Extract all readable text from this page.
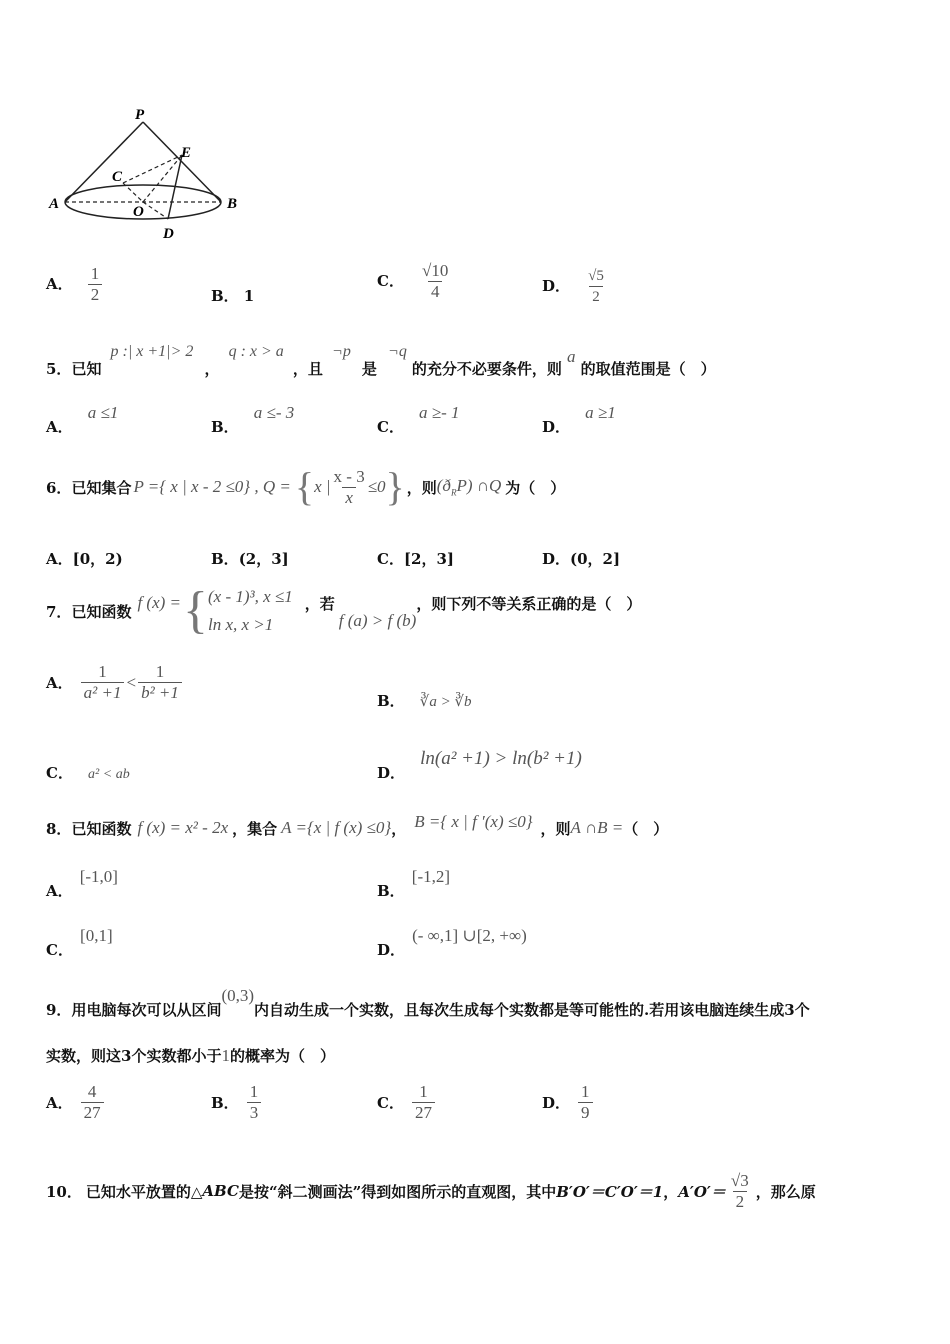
P
E
C
A	O	B
D
A． $\frac{1}{2}$	B． 1
C． $\frac{√10}{4}$	D． $\frac{√5}{2}$
5．已知 p :| x +1|> 2 ， q : x > a ，且 ¬p 是 ¬q 的充分不必要条件，则 a 的取值范围是（　）
A． a ≤1
B． a ≤- 3
C． a ≥- 1
D． a ≥1
6． 已知集合 P ={ x | x - 2 ≤0} , Q = { x | $\frac{x - 3}{x} \le 0$ } ，则 $(ð_RP)$ ∩Q 为（　）
A．[0，2)	B．(2，3]	C．[2，3]	D．(0，2]
7． 已知函数 f (x) = { (x - 1)³, x ≤1
ln x, x >1
，若
f (a) > f (b)
，则下列不等关系正确的是（　）
A． $\frac{1}{\text{a² +1}} < \frac{1}{\text{b² +1}}$	B． ∛a > ∛b
C． a² < ab	D． ln(a² +1) > ln(b² +1)
8． 已知函数 f (x) = x² - 2x ，集合 A ={x | f (x) ≤0} ， B ={ x | f ′(x) ≤0} ，则 A ∩B = （　）
A． [-1,0]
B． [-1,2]
C． [0,1]
D． (- ∞,1] ∪[2, +∞)
9．用电脑每次可以从区间(0,3)内自动生成一个实数，且每次生成每个实数都是等可能性的.若用该电脑连续生成3个
实数，则这3个实数都小于1的概率为（　）
A． $\frac{4}{27}$	B． $\frac{1}{3}$	C． $\frac{1}{27}$	D． $\frac{1}{9}$
10． 已知水平放置的△ ABC 是按“斜二测画法”得到如图所示的直观图，其中 B′O′＝C′O′＝1 ， $A'O'= \frac{√3}{2}$ ，那么原
